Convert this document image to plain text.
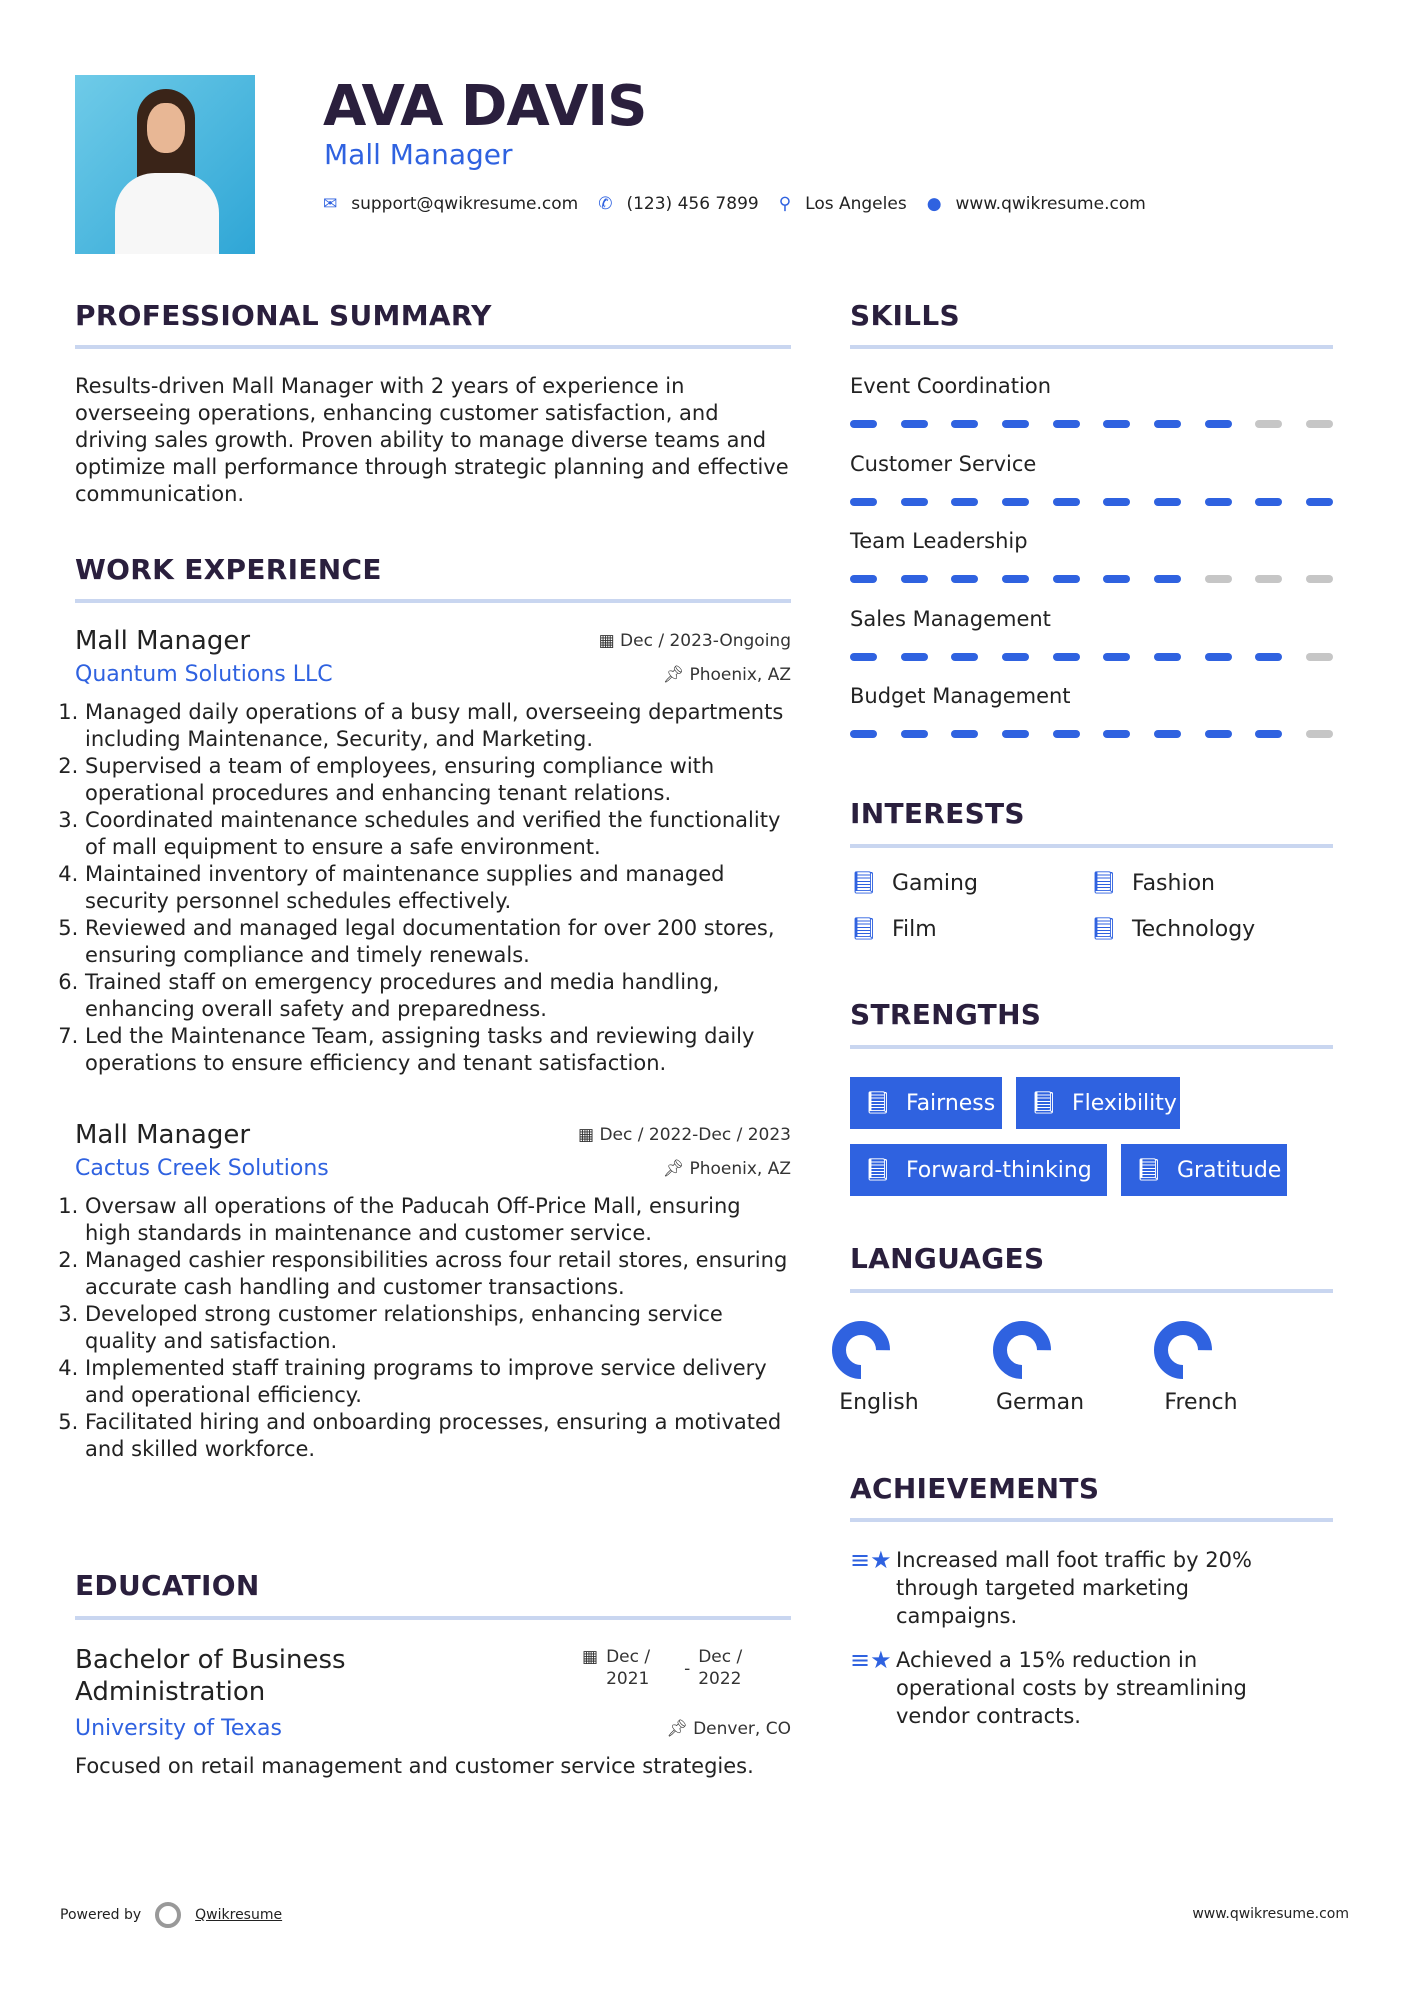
AVA DAVIS
Mall Manager
✉ support@qwikresume.com ✆ (123) 456 7899 ⚲ Los Angeles ● www.qwikresume.com
PROFESSIONAL SUMMARY
Results-driven Mall Manager with 2 years of experience in overseeing operations, enhancing customer satisfaction, and driving sales growth. Proven ability to manage diverse teams and optimize mall performance through strategic planning and effective communication.
WORK EXPERIENCE
Mall Manager	▦ Dec / 2023-Ongoing
Quantum Solutions LLC	📌︎ Phoenix, AZ
1. Managed daily operations of a busy mall, overseeing departments including Maintenance, Security, and Marketing.
2. Supervised a team of employees, ensuring compliance with operational procedures and enhancing tenant relations.
3. Coordinated maintenance schedules and verified the functionality of mall equipment to ensure a safe environment.
4. Maintained inventory of maintenance supplies and managed security personnel schedules effectively.
5. Reviewed and managed legal documentation for over 200 stores, ensuring compliance and timely renewals.
6. Trained staff on emergency procedures and media handling, enhancing overall safety and preparedness.
7. Led the Maintenance Team, assigning tasks and reviewing daily operations to ensure efficiency and tenant satisfaction.
Mall Manager	▦ Dec / 2022-Dec / 2023
Cactus Creek Solutions	📌︎ Phoenix, AZ
1. Oversaw all operations of the Paducah Off-Price Mall, ensuring high standards in maintenance and customer service.
2. Managed cashier responsibilities across four retail stores, ensuring accurate cash handling and customer transactions.
3. Developed strong customer relationships, enhancing service quality and satisfaction.
4. Implemented staff training programs to improve service delivery and operational efficiency.
5. Facilitated hiring and onboarding processes, ensuring a motivated and skilled workforce.
EDUCATION
Bachelor of Business Administration
▦ Dec / 2021	-
Dec / 2022
University of Texas	📌︎ Denver, CO
Focused on retail management and customer service strategies.
SKILLS
Event Coordination
Customer Service
Team Leadership
Sales Management
Budget Management
INTERESTS
📘︎ Gaming	📘︎ Fashion
📘︎ Film	📘︎ Technology
STRENGTHS
📘︎ Fairness 📘︎ Flexibility
📘︎ Forward-thinking 📘︎ Gratitude
LANGUAGES
English	German	French
ACHIEVEMENTS
≡★ Increased mall foot traffic by 20% through targeted marketing campaigns.
≡★ Achieved a 15% reduction in operational costs by streamlining vendor contracts.
Powered by	Qwikresume	www.qwikresume.com
